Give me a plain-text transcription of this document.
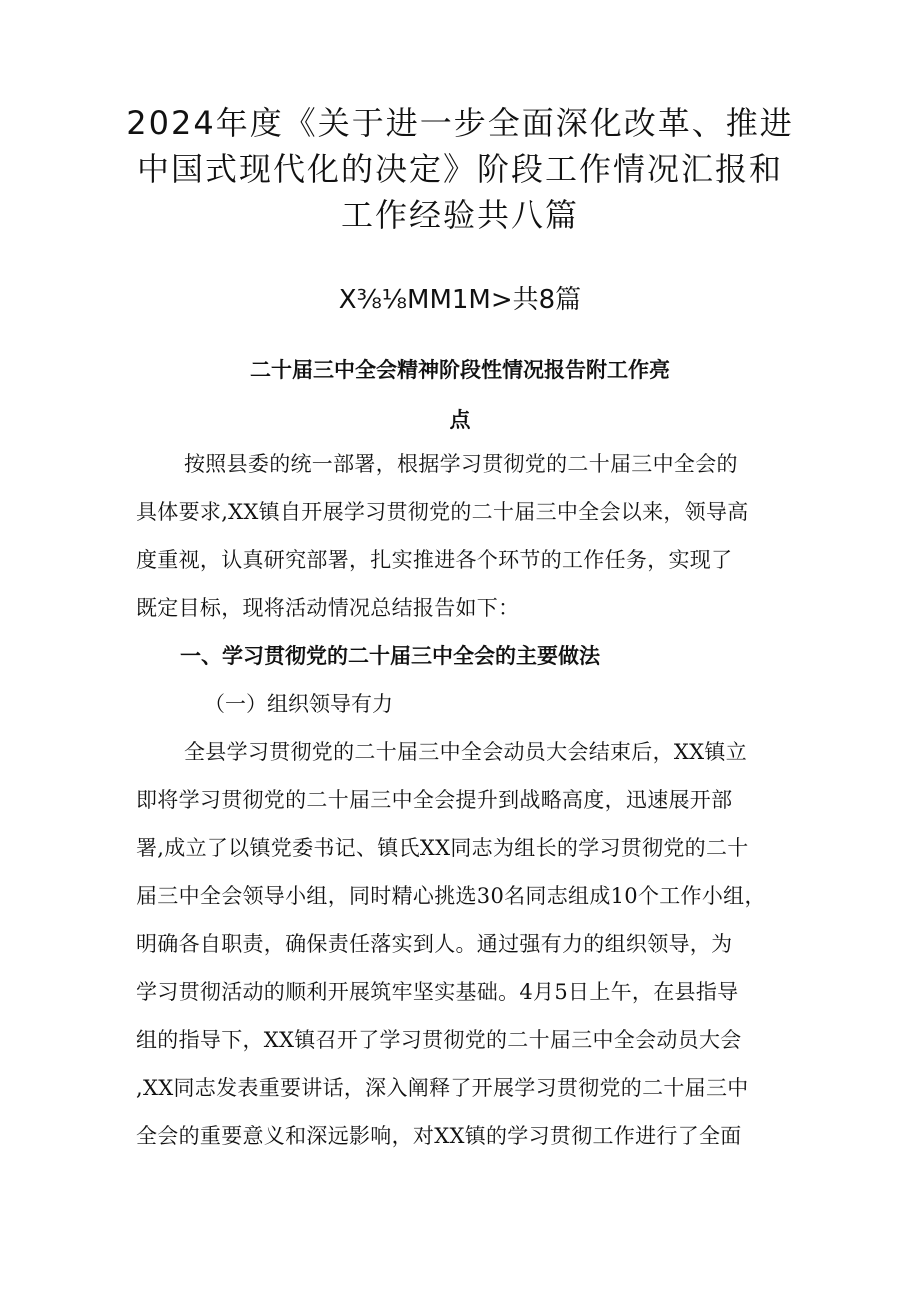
2024年度《关于进一步全面深化改革、推进
中国式现代化的决定》阶段工作情况汇报和
工作经验共八篇
X⅜⅛MM1M>共8篇
二十届三中全会精神阶段性情况报告附工作亮
点
按照县委的统一部署，根据学习贯彻党的二十届三中全会的
具体要求,XX镇自开展学习贯彻党的二十届三中全会以来，领导高
度重视，认真研究部署，扎实推进各个环节的工作任务，实现了
既定目标，现将活动情况总结报告如下：
一、学习贯彻党的二十届三中全会的主要做法
（一）组织领导有力
全县学习贯彻党的二十届三中全会动员大会结束后，XX镇立
即将学习贯彻党的二十届三中全会提升到战略高度，迅速展开部
署,成立了以镇党委书记、镇氏XX同志为组长的学习贯彻党的二十
届三中全会领导小组，同时精心挑选30名同志组成10个工作小组，
明确各自职责，确保责任落实到人。通过强有力的组织领导，为
学习贯彻活动的顺利开展筑牢坚实基础。4月5日上午，在县指导
组的指导下，XX镇召开了学习贯彻党的二十届三中全会动员大会
,XX同志发表重要讲话，深入阐释了开展学习贯彻党的二十届三中
全会的重要意义和深远影响，对XX镇的学习贯彻工作进行了全面
